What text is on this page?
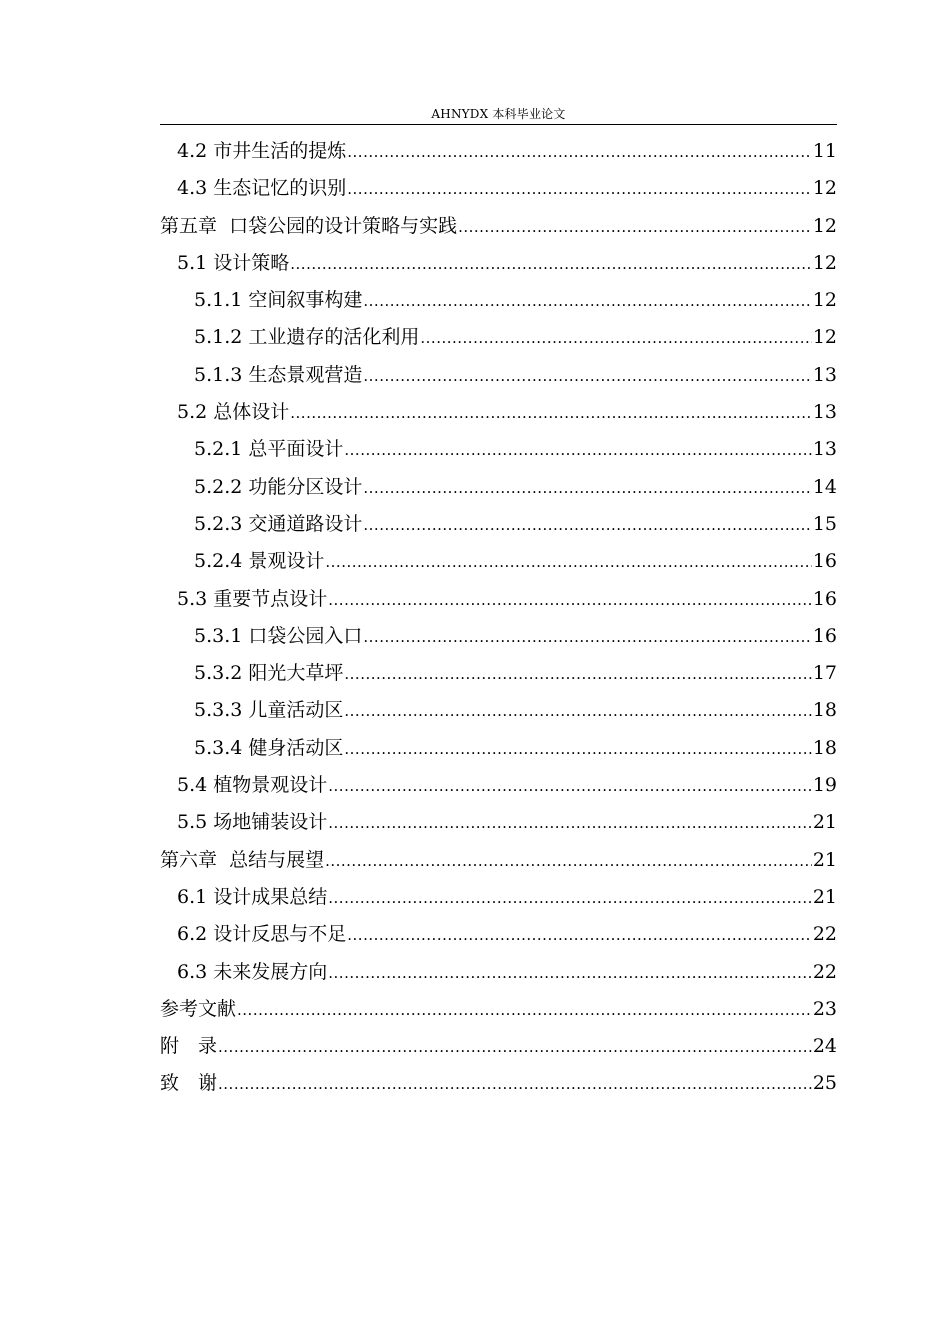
AHNYDX 本科毕业论文
4.2 市井生活的提炼 .....	11
4.3 生态记忆的识别 .....	12
第五章  口袋公园的设计策略与实践 .....	12
5.1 设计策略 .....	12
5.1.1 空间叙事构建 .....	12
5.1.2 工业遗存的活化利用 .....	12
5.1.3 生态景观营造 .....	13
5.2 总体设计 .....	13
5.2.1 总平面设计 .....	13
5.2.2 功能分区设计 .....	14
5.2.3 交通道路设计 .....	15
5.2.4 景观设计 .....	16
5.3 重要节点设计 .....	16
5.3.1 口袋公园入口 .....	16
5.3.2 阳光大草坪 .....	17
5.3.3 儿童活动区 .....	18
5.3.4 健身活动区 .....	18
5.4 植物景观设计 .....	19
5.5 场地铺装设计 .....	21
第六章  总结与展望 .....	21
6.1 设计成果总结 .....	21
6.2 设计反思与不足 .....	22
6.3 未来发展方向 .....	22
参考文献 .....	23
附　录 .....	24
致　谢 .....	25
